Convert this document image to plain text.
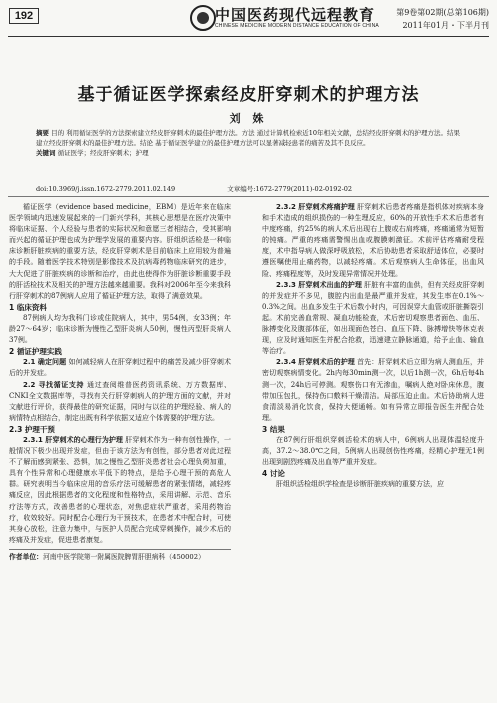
192	中国医药现代远程教育
CHINESE MEDICINE MODERN DISTANCE EDUCATION OF CHINA
第9卷第02期(总第106期)
2011年01月・下半月刊
基于循证医学探索经皮肝穿刺术的护理方法
刘 姝

摘要 目的 利用循证医学的方法探索建立经皮肝穿刺术的最佳护理方法。方法 通过计算机检索近10年相关文献，总结经皮肝穿刺术的护理方法。结果 建立经皮肝穿刺术的最佳护理方法。结论 基于循证医学建立的最佳护理方法可以显著减轻患者的痛苦及其不良反应。

关键词 循证医学；经皮肝穿刺术；护理

doi:10.3969/j.issn.1672-2779.2011.02.149	文章编号:1672-2779(2011)-02-0192-02

循证医学（evidence based medicine，EBM）是近年来在临床医学领域内迅速发展起来的一门新兴学科，其核心思想是在医疗决策中将临床证据、个人经验与患者的实际状况和意愿三者相结合，受其影响而兴起的循证护理也成为护理学发展的重要内容。肝组织活检是一种临床诊断肝脏疾病的重要方法，经皮肝穿刺术是目前临床上应用较为普遍的手段。随着医学技术特别是影像技术及抗病毒药物临床研究的进步，大大促进了肝脏疾病的诊断和治疗，由此也使得作为肝脏诊断重要手段的肝活检技术及相关的护理方法越来越重要。我科对2006年至今来我科行肝穿刺术的87例病人应用了循证护理方法，取得了满意效果。

1 临床资料

87例病人均为我科门诊或住院病人，其中，男54例，女33例；年龄27～64岁；临床诊断为慢性乙型肝炎病人50例，慢性丙型肝炎病人37例。

2 循证护理实践

2.1 确定问题 如何减轻病人在肝穿刺过程中的痛苦及减少肝穿刺术后的并发症。

2.2 寻找循证支持 通过查阅维普医药资讯系统、万方数据库、CNKI全文数据库等，寻找有关行肝穿刺病人的护理方面的文献，并对文献进行评价，获得最佳的研究证据，同时与以往的护理经验、病人的病情特点相结合，制定出既有科学依据又适应个体需要的护理方法。

2.3 护理干预

2.3.1 肝穿刺术的心理行为护理 肝穿刺术作为一种有创性操作，一般情况下极少出现并发症，但由于该方法为有创性，部分患者对此过程不了解而感到紧张、恐惧，加之慢性乙型肝炎患者社会心理负荷加重，具有个性异常和心理健康水平低下的特点，是给予心理干预的高危人群。研究表明当今临床应用的音乐疗法可缓解患者的紧张情绪，减轻疼痛反应，因此根据患者的文化程度和性格特点，采用讲解、示范、音乐疗法等方式，改善患者的心理状态，对焦虑症状严重者，采用药物治疗，收效较好。同时配合心理行为干预技术，在患者术中配合时，可使其身心放松，注意力集中，与医护人员配合完成穿刺操作，减少术后的疼痛及并发症，促进患者康复。

作者单位：河南中医学院第一附属医院脾胃肝胆病科（450002）

2.3.2 肝穿刺术疼痛护理 肝穿刺术后患者疼痛是指机体对疾病本身和手术造成的组织损伤的一种生理反应，60%的开放性手术术后患者有中度疼痛，约25%的病人术后出现右上腹或右肩疼痛，疼痛通常为短暂的钝痛。严重的疼痛需警惕出血或腹膜刺激征。术前评估疼痛耐受程度，术中指导病人做深呼吸放松，术后协助患者采取舒适体位，必要时遵医嘱使用止痛药物，以减轻疼痛。术后观察病人生命体征，出血风险、疼痛程度等，及时发现异常情况并处理。

2.3.3 肝穿刺术出血的护理 肝脏有丰富的血供，但有关经皮肝穿刺的并发症并不多见，腹腔内出血是最严重并发症，其发生率在0.1%～0.3%之间。出血多发生于术后数小时内，可因误穿大血管或肝脏撕裂引起。术前完善血常规、凝血功能检查，术后密切观察患者面色、血压、脉搏变化及腹部体征，如出现面色苍白、血压下降、脉搏增快等休克表现，应及时通知医生并配合抢救，迅速建立静脉通道，给予止血、输血等治疗。

2.3.4 肝穿刺术后的护理 首先：肝穿刺术后立即为病人测血压，并密切观察病情变化。2h内每30min测一次，以后1h测一次，6h后每4h测一次，24h后可停测。观察伤口有无渗血，嘱病人绝对卧床休息，腹带加压包扎，保持伤口敷料干燥清洁。局部压迫止血。术后协助病人进食清淡易消化饮食，保持大便通畅。如有异常立即报告医生并配合处理。

3 结果

在87例行肝组织穿刺活检术的病人中，6例病人出现体温轻度升高，37.2～38.0℃之间，5例病人出现创伤性疼痛，经精心护理无1例出现到剧烈疼痛及出血等严重并发症。

4 讨论

肝组织活检组织学检查是诊断肝脏疾病的重要方法，应
